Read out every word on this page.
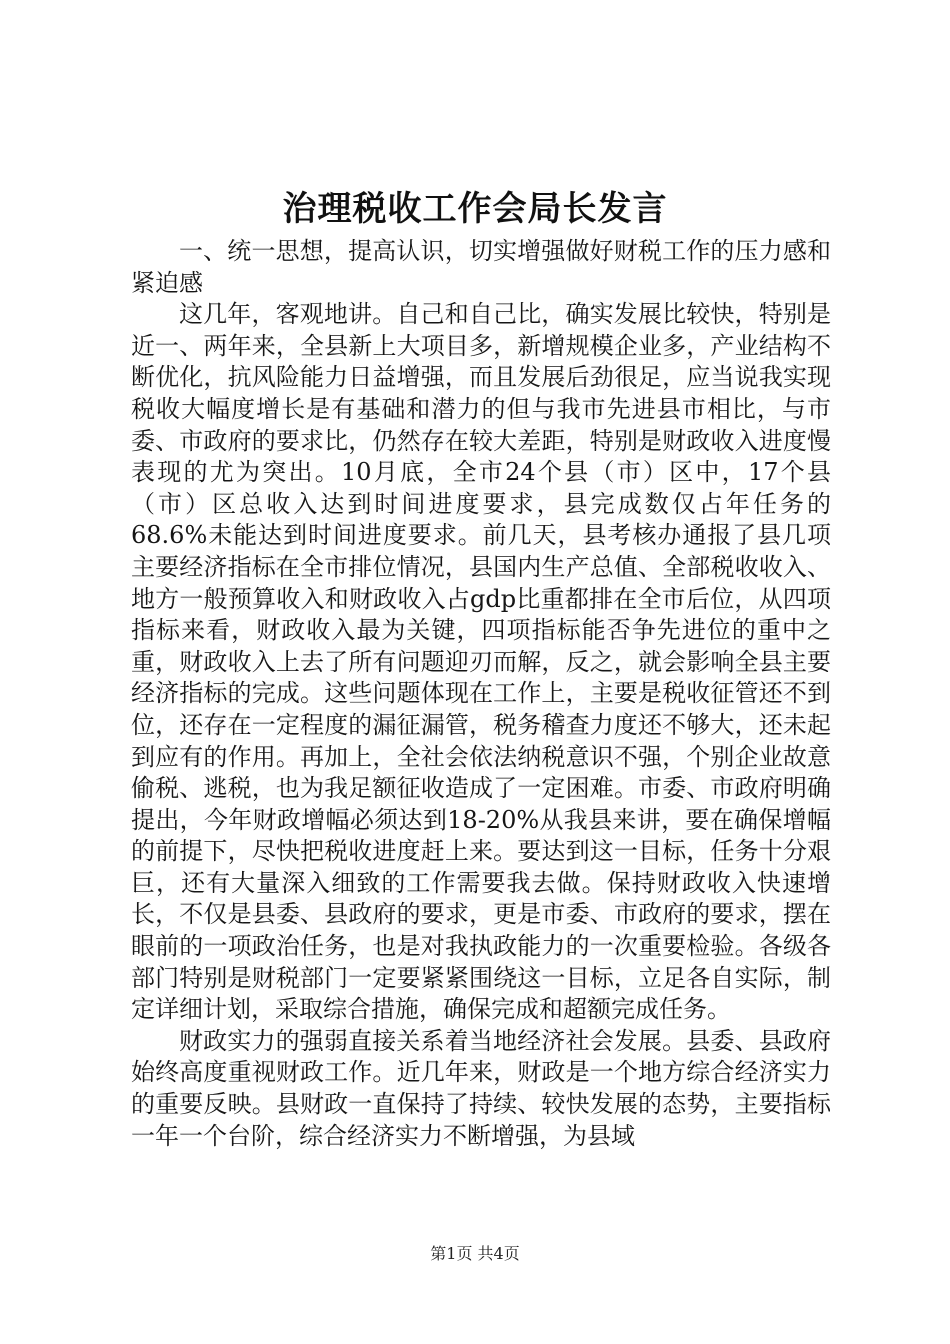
治理税收工作会局长发言

一、统一思想，提高认识，切实增强做好财税工作的压力感和紧迫感

这几年，客观地讲。自己和自己比，确实发展比较快，特别是近一、两年来，全县新上大项目多，新增规模企业多，产业结构不断优化，抗风险能力日益增强，而且发展后劲很足，应当说我实现税收大幅度增长是有基础和潜力的但与我市先进县市相比，与市委、市政府的要求比，仍然存在较大差距，特别是财政收入进度慢表现的尤为突出。10月底，全市24个县（市）区中，17个县（市）区总收入达到时间进度要求，县完成数仅占年任务的68.6%未能达到时间进度要求。前几天，县考核办通报了县几项主要经济指标在全市排位情况，县国内生产总值、全部税收收入、地方一般预算收入和财政收入占gdp比重都排在全市后位，从四项指标来看，财政收入最为关键，四项指标能否争先进位的重中之重，财政收入上去了所有问题迎刃而解，反之，就会影响全县主要经济指标的完成。这些问题体现在工作上，主要是税收征管还不到位，还存在一定程度的漏征漏管，税务稽查力度还不够大，还未起到应有的作用。再加上，全社会依法纳税意识不强，个别企业故意偷税、逃税，也为我足额征收造成了一定困难。市委、市政府明确提出，今年财政增幅必须达到18-20%从我县来讲，要在确保增幅的前提下，尽快把税收进度赶上来。要达到这一目标，任务十分艰巨，还有大量深入细致的工作需要我去做。保持财政收入快速增长，不仅是县委、县政府的要求，更是市委、市政府的要求，摆在眼前的一项政治任务，也是对我执政能力的一次重要检验。各级各部门特别是财税部门一定要紧紧围绕这一目标，立足各自实际，制定详细计划，采取综合措施，确保完成和超额完成任务。

财政实力的强弱直接关系着当地经济社会发展。县委、县政府始终高度重视财政工作。近几年来，财政是一个地方综合经济实力的重要反映。县财政一直保持了持续、较快发展的态势，主要指标一年一个台阶，综合经济实力不断增强，为县域

第1页 共4页
